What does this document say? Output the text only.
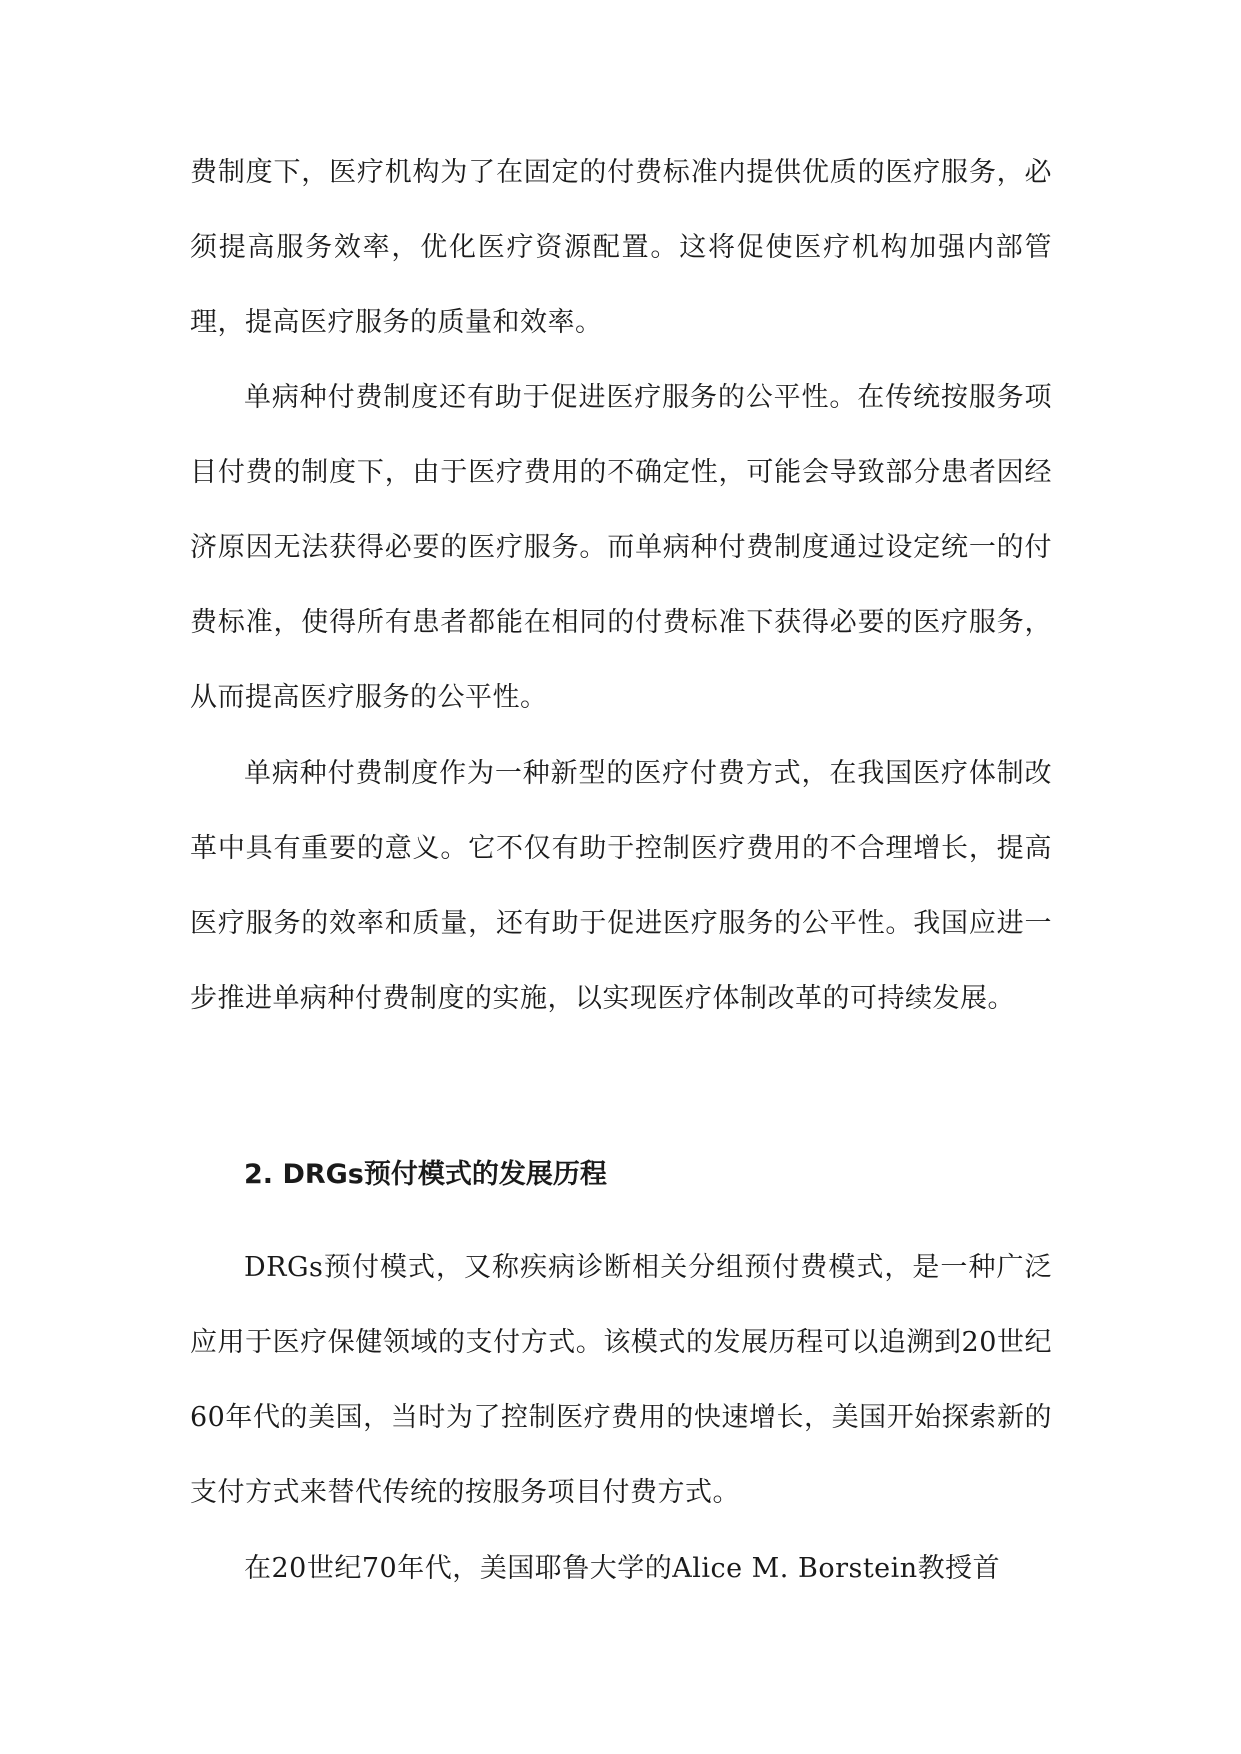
费制度下，医疗机构为了在固定的付费标准内提供优质的医疗服务，必须提高服务效率，优化医疗资源配置。这将促使医疗机构加强内部管理，提高医疗服务的质量和效率。

单病种付费制度还有助于促进医疗服务的公平性。在传统按服务项目付费的制度下，由于医疗费用的不确定性，可能会导致部分患者因经济原因无法获得必要的医疗服务。而单病种付费制度通过设定统一的付费标准，使得所有患者都能在相同的付费标准下获得必要的医疗服务，从而提高医疗服务的公平性。

单病种付费制度作为一种新型的医疗付费方式，在我国医疗体制改革中具有重要的意义。它不仅有助于控制医疗费用的不合理增长，提高医疗服务的效率和质量，还有助于促进医疗服务的公平性。我国应进一步推进单病种付费制度的实施，以实现医疗体制改革的可持续发展。

2. DRGs预付模式的发展历程

DRGs预付模式，又称疾病诊断相关分组预付费模式，是一种广泛应用于医疗保健领域的支付方式。该模式的发展历程可以追溯到20世纪60年代的美国，当时为了控制医疗费用的快速增长，美国开始探索新的支付方式来替代传统的按服务项目付费方式。

在20世纪70年代，美国耶鲁大学的Alice M. Borstein教授首
